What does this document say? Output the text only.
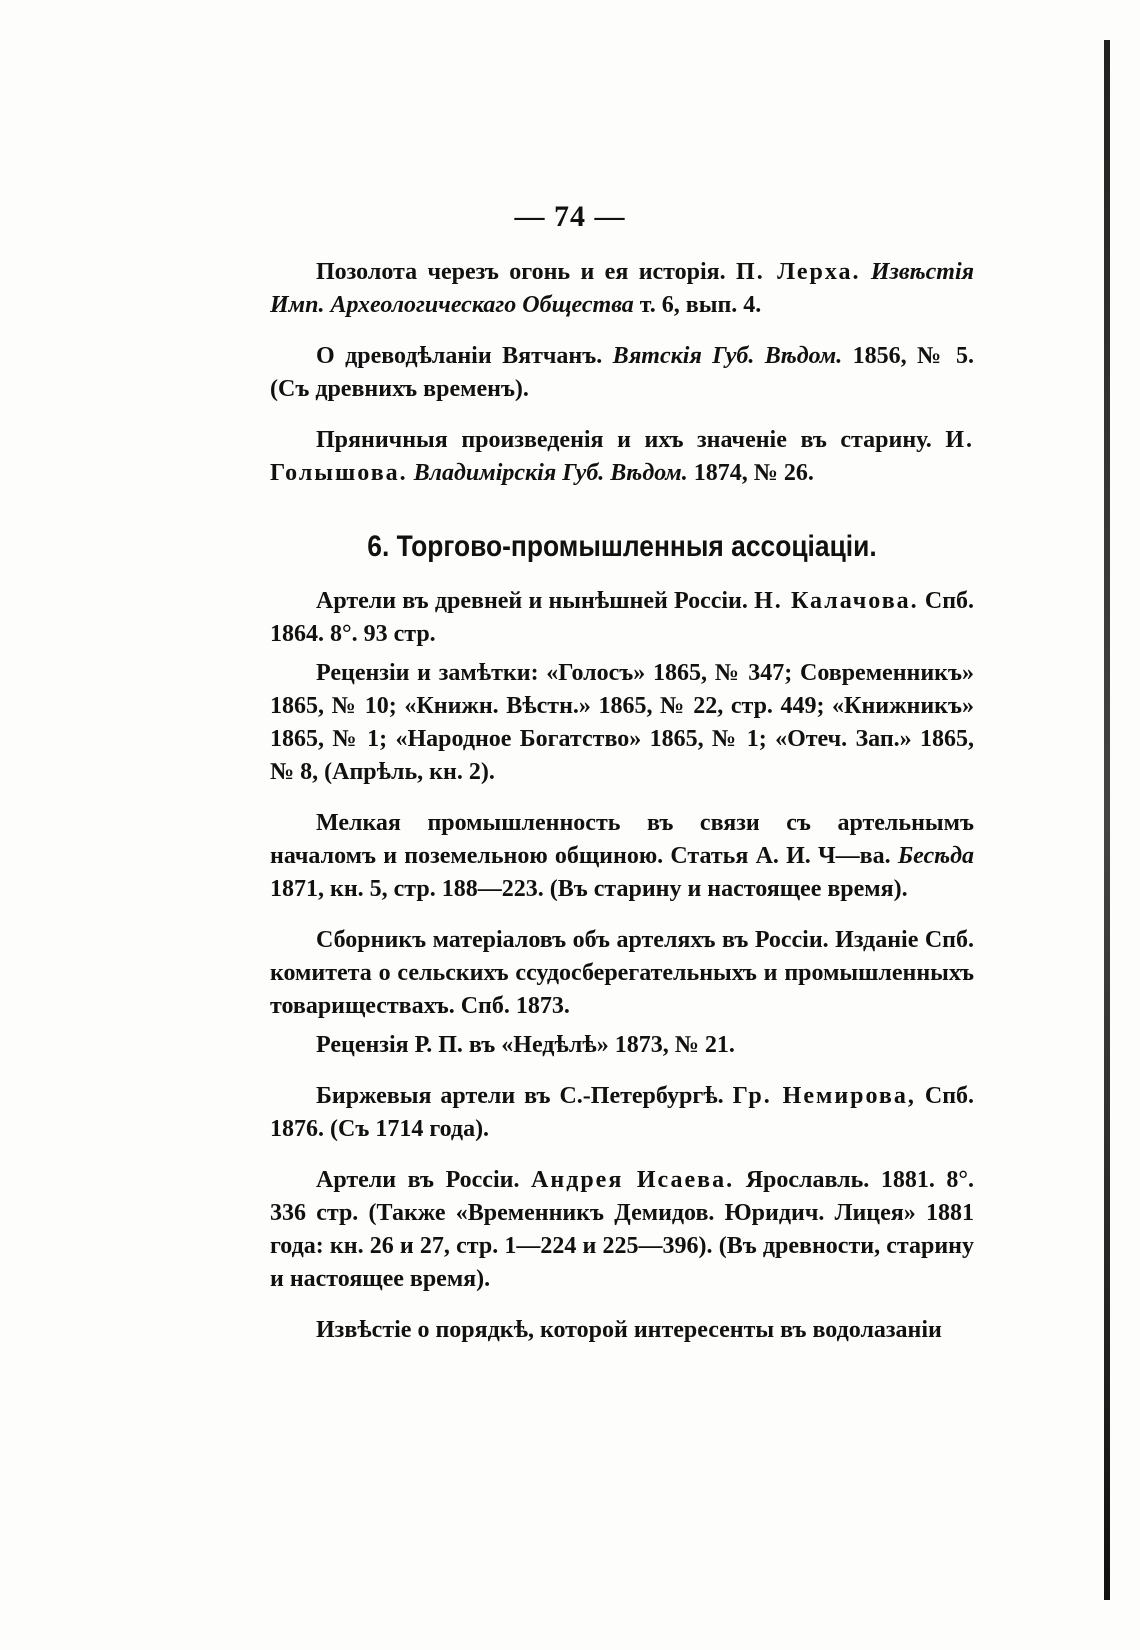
— 74 —

Позолота черезъ огонь и ея исторія. П. Лерха. Извѣстія Имп. Археологическаго Общества т. 6, вып. 4.

О древодѣланіи Вятчанъ. Вятскія Губ. Вѣдом. 1856, № 5. (Съ древнихъ временъ).

Пряничныя произведенія и ихъ значеніе въ старину. И. Голышова. Владимірскія Губ. Вѣдом. 1874, № 26.

6. Торгово-промышленныя ассоціаціи.

Артели въ древней и нынѣшней Россіи. Н. Калачова. Спб. 1864. 8°. 93 стр.

Рецензіи и замѣтки: «Голосъ» 1865, № 347; Современникъ» 1865, № 10; «Книжн. Вѣстн.» 1865, № 22, стр. 449; «Книжникъ» 1865, № 1; «Народное Богатство» 1865, № 1; «Отеч. Зап.» 1865, № 8, (Апрѣль, кн. 2).

Мелкая промышленность въ связи съ артельнымъ началомъ и поземельною общиною. Статья А. И. Ч—ва. Бесѣда 1871, кн. 5, стр. 188—223. (Въ старину и настоящее время).

Сборникъ матеріаловъ объ артеляхъ въ Россіи. Изданіе Спб. комитета о сельскихъ ссудосберегательныхъ и промышленныхъ товариществахъ. Спб. 1873.

Рецензія Р. П. въ «Недѣлѣ» 1873, № 21.

Биржевыя артели въ С.-Петербургѣ. Гр. Немирова, Спб. 1876. (Съ 1714 года).

Артели въ Россіи. Андрея Исаева. Ярославль. 1881. 8°. 336 стр. (Также «Временникъ Демидов. Юридич. Лицея» 1881 года: кн. 26 и 27, стр. 1—224 и 225—396). (Въ древности, старину и настоящее время).

Извѣстіе о порядкѣ, которой интересенты въ водолазаніи
